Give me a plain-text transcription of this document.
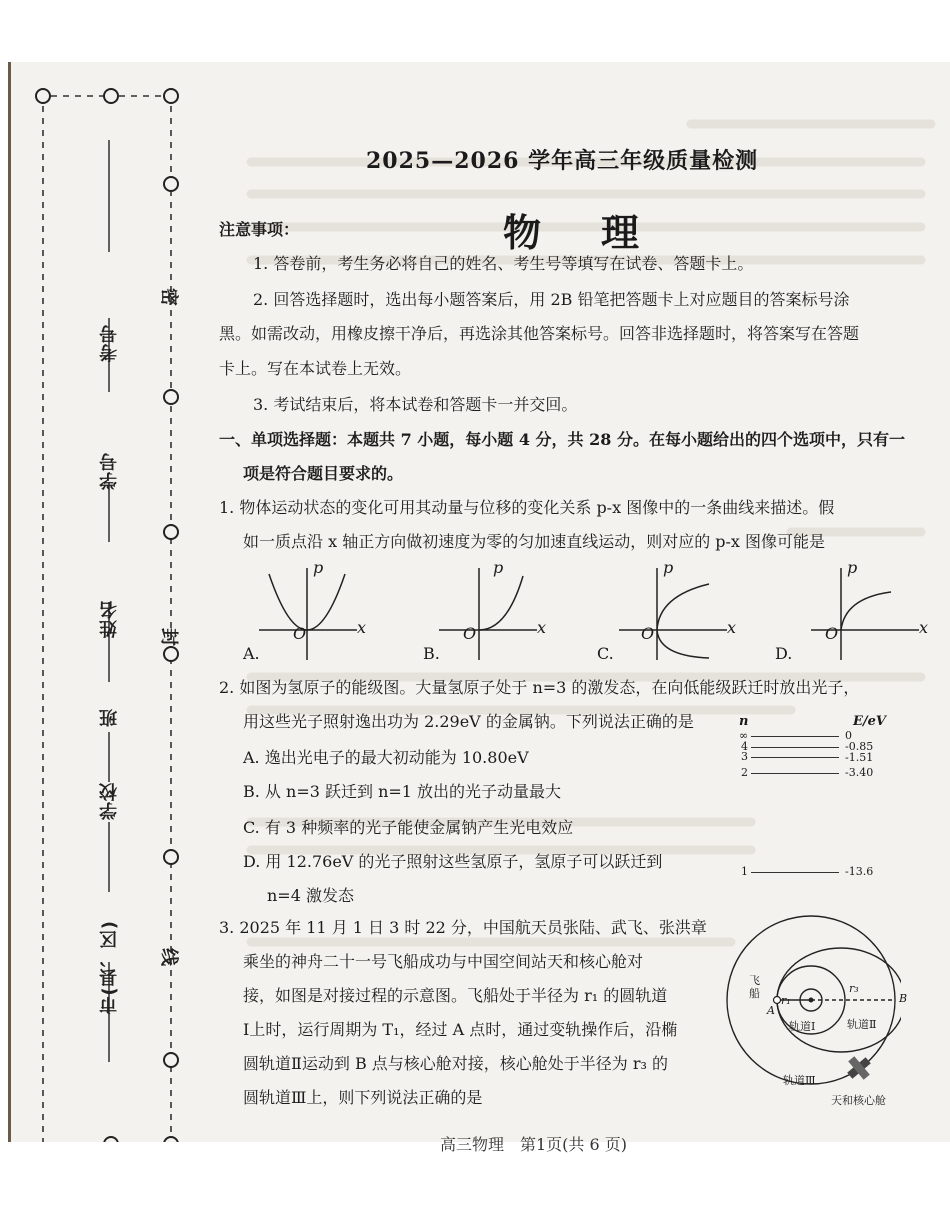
密
封
线
考号
学号
姓名
班
学校
市(县、区)
2025—2026 学年高三年级质量检测
物理
注意事项：
1. 答卷前，考生务必将自己的姓名、考生号等填写在试卷、答题卡上。
2. 回答选择题时，选出每小题答案后，用 2B 铅笔把答题卡上对应题目的答案标号涂
黑。如需改动，用橡皮擦干净后，再选涂其他答案标号。回答非选择题时，将答案写在答题
卡上。写在本试卷上无效。
3. 考试结束后，将本试卷和答题卡一并交回。
一、单项选择题：本题共 7 小题，每小题 4 分，共 28 分。在每小题给出的四个选项中，只有一
项是符合题目要求的。
1. 物体运动状态的变化可用其动量与位移的变化关系 p-x 图像中的一条曲线来描述。假
如一质点沿 x 轴正方向做初速度为零的匀加速直线运动，则对应的 p-x 图像可能是
p	p	p	p
x	x	x	x
O	O	O	O
A.	B.	C.	D.
2. 如图为氢原子的能级图。大量氢原子处于 n=3 的激发态，在向低能级跃迁时放出光子，
用这些光子照射逸出功为 2.29eV 的金属钠。下列说法正确的是
A. 逸出光电子的最大初动能为 10.80eV
B. 从 n=3 跃迁到 n=1 放出的光子动量最大
C. 有 3 种频率的光子能使金属钠产生光电效应
D. 用 12.76eV 的光子照射这些氢原子，氢原子可以跃迁到
n=4 激发态
n	E/eV
∞	0
4	-0.85
3	-1.51
2	-3.40
1	-13.6
3. 2025 年 11 月 1 日 3 时 22 分，中国航天员张陆、武飞、张洪章
乘坐的神舟二十一号飞船成功与中国空间站天和核心舱对
接，如图是对接过程的示意图。飞船处于半径为 r₁ 的圆轨道
Ⅰ上时，运行周期为 T₁，经过 A 点时，通过变轨操作后，沿椭
圆轨道Ⅱ运动到 B 点与核心舱对接，核心舱处于半径为 r₃ 的
圆轨道Ⅲ上，则下列说法正确的是
飞船
A
B
r₁
r₃
轨道Ⅰ	轨道Ⅱ
轨道Ⅲ
天和核心舱
高三物理　第1页(共 6 页)
